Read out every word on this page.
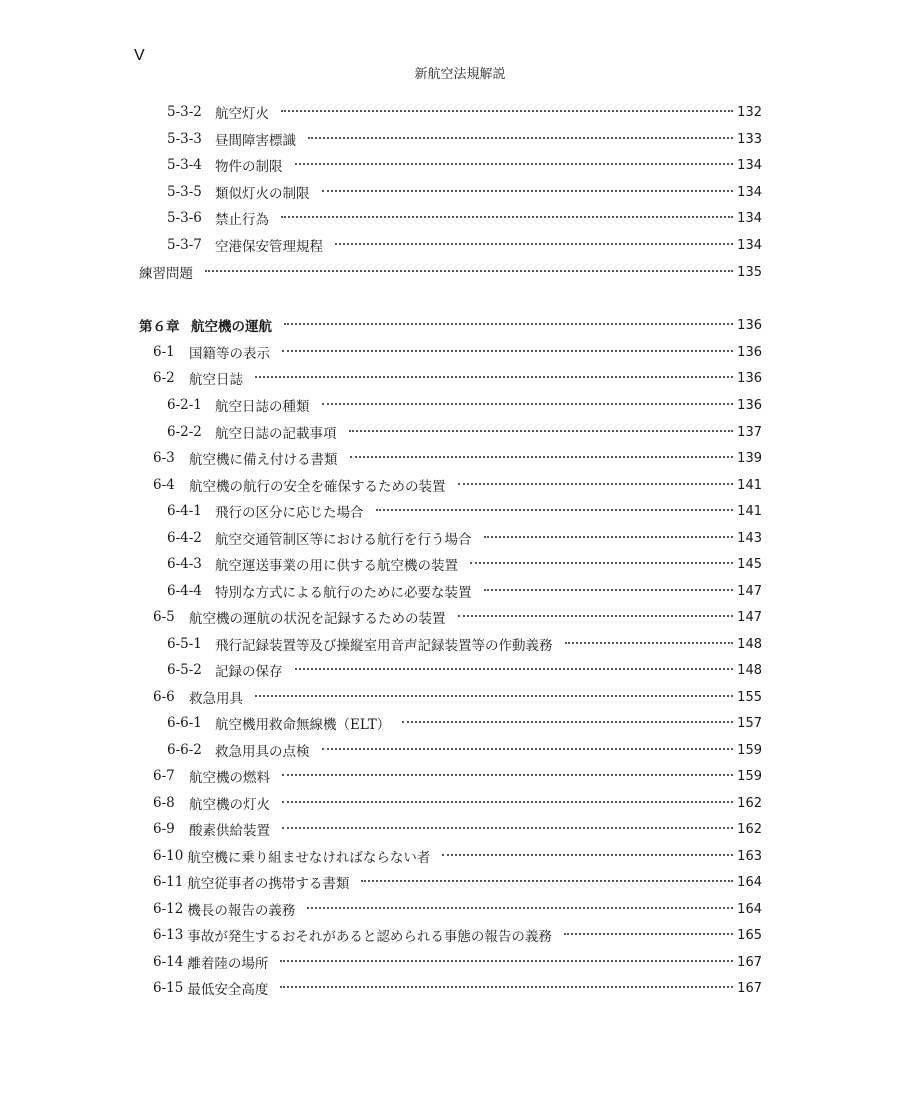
V
新航空法規解説
5-3-2 航空灯火	132
5-3-3 昼間障害標識	133
5-3-4 物件の制限	134
5-3-5 類似灯火の制限	134
5-3-6 禁止行為	134
5-3-7 空港保安管理規程	134
練習問題	135
第６章 航空機の運航	136
6-1	国籍等の表示	136
6-2	航空日誌	136
6-2-1 航空日誌の種類	136
6-2-2 航空日誌の記載事項	137
6-3	航空機に備え付ける書類	139
6-4	航空機の航行の安全を確保するための装置	141
6-4-1 飛行の区分に応じた場合	141
6-4-2 航空交通管制区等における航行を行う場合	143
6-4-3 航空運送事業の用に供する航空機の装置	145
6-4-4 特別な方式による航行のために必要な装置	147
6-5	航空機の運航の状況を記録するための装置	147
6-5-1 飛行記録装置等及び操縦室用音声記録装置等の作動義務	148
6-5-2 記録の保存	148
6-6	救急用具	155
6-6-1 航空機用救命無線機（ELT）	157
6-6-2 救急用具の点検	159
6-7	航空機の燃料	159
6-8	航空機の灯火	162
6-9	酸素供給装置	162
6-10 航空機に乗り組ませなければならない者	163
6-11 航空従事者の携帯する書類	164
6-12 機長の報告の義務	164
6-13 事故が発生するおそれがあると認められる事態の報告の義務	165
6-14 離着陸の場所	167
6-15 最低安全高度	167
